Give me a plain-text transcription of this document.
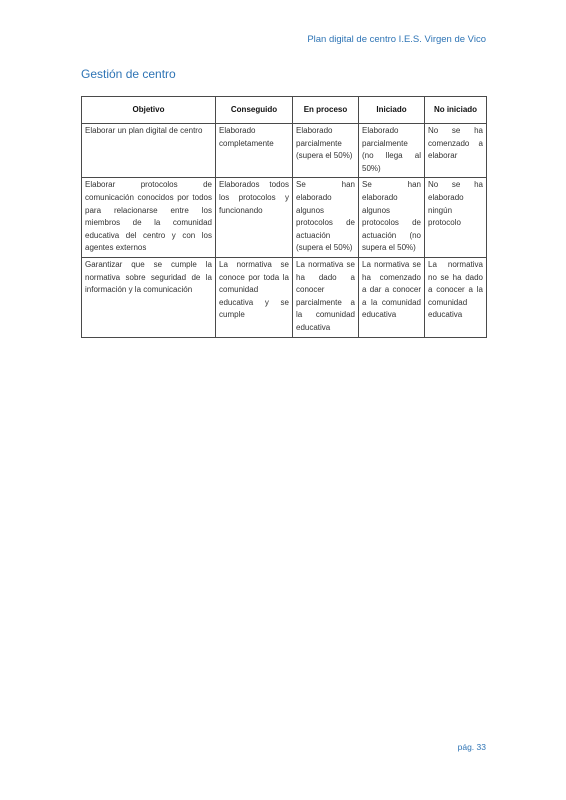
Plan digital de centro I.E.S. Virgen de Vico
Gestión de centro
Objetivo	Conseguido	En proceso	Iniciado	No iniciado
Elaborar un plan digital de centro	Elaborado completamente	Elaborado parcialmente (supera el 50%)	Elaborado parcialmente (no llega al 50%)	No se ha comenzado a elaborar
Elaborar protocolos de comunicación conocidos por todos para relacionarse entre los miembros de la comunidad educativa del centro y con los agentes externos	Elaborados todos los protocolos y funcionando	Se han elaborado algunos protocolos de actuación (supera el 50%)	Se han elaborado algunos protocolos de actuación (no supera el 50%)	No se ha elaborado ningún protocolo
Garantizar que se cumple la normativa sobre seguridad de la información y la comunicación	La normativa se conoce por toda la comunidad educativa y se cumple	La normativa se ha dado a conocer parcialmente a la comunidad educativa	La normativa se ha comenzado a dar a conocer a la comunidad educativa	La normativa no se ha dado a conocer a la comunidad educativa
pág. 33
